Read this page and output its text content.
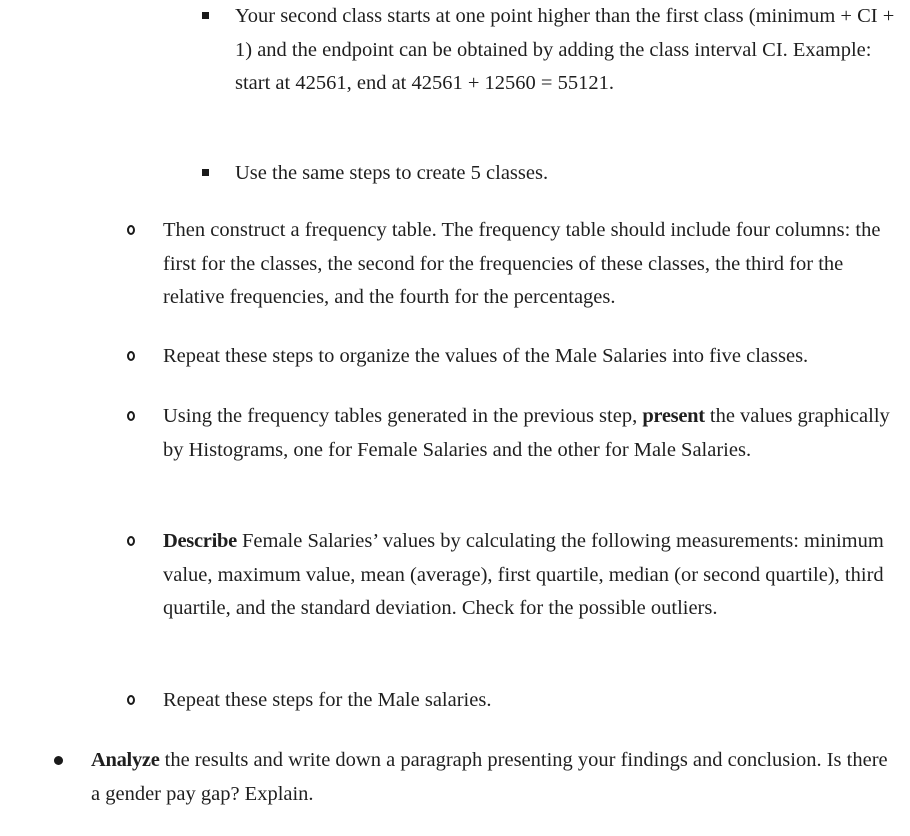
Your second class starts at one point higher than the first class (minimum + CI + 1) and the endpoint can be obtained by adding the class interval CI. Example: start at 42561, end at 42561 + 12560 = 55121.

Use the same steps to create 5 classes.

Then construct a frequency table. The frequency table should include four columns: the first for the classes, the second for the frequencies of these classes, the third for the relative frequencies, and the fourth for the percentages.

Repeat these steps to organize the values of the Male Salaries into five classes.

Using the frequency tables generated in the previous step, present the values graphically by Histograms, one for Female Salaries and the other for Male Salaries.

Describe Female Salaries’ values by calculating the following measurements: minimum value, maximum value, mean (average), first quartile, median (or second quartile), third quartile, and the standard deviation. Check for the possible outliers.

Repeat these steps for the Male salaries.

Analyze the results and write down a paragraph presenting your findings and conclusion. Is there a gender pay gap? Explain.
